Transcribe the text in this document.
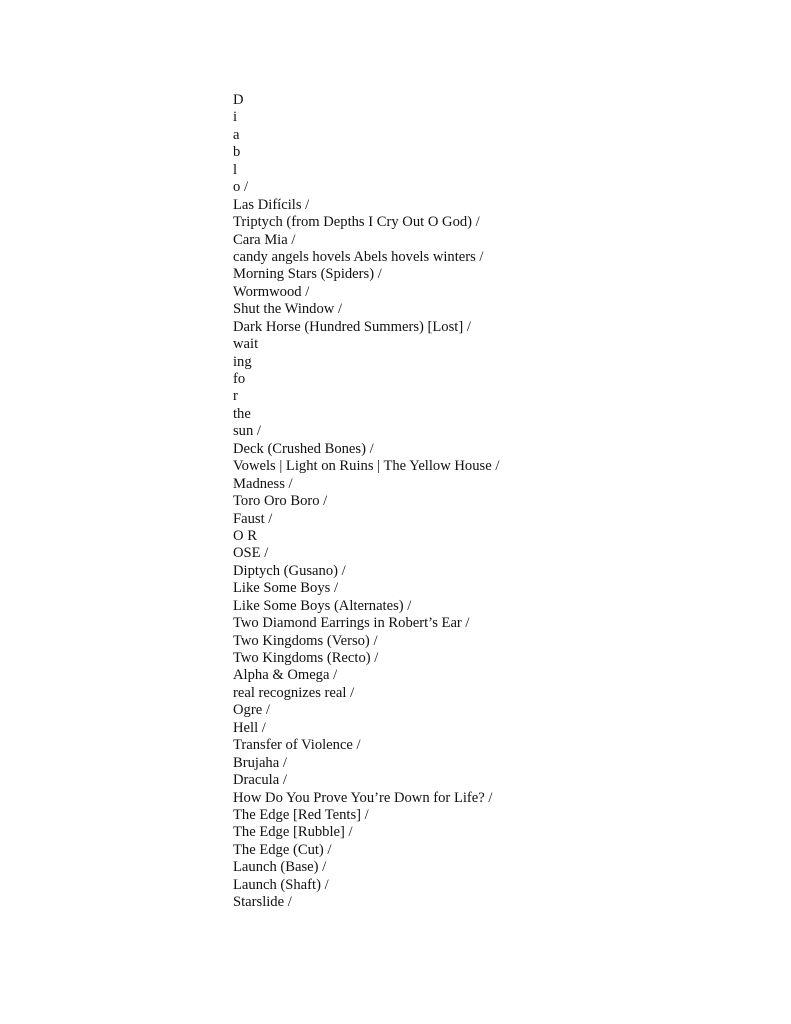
D
i
a
b
l
o /
Las Difícils /
Triptych (from Depths I Cry Out O God) /
Cara Mia /
candy angels hovels Abels hovels winters /
Morning Stars (Spiders) /
Wormwood /
Shut the Window /
Dark Horse (Hundred Summers) [Lost] /
wait
ing
fo
r
the
sun /
Deck (Crushed Bones) /
Vowels | Light on Ruins | The Yellow House /
Madness /
Toro Oro Boro /
Faust /
O R
OSE /
Diptych (Gusano) /
Like Some Boys /
Like Some Boys (Alternates) /
Two Diamond Earrings in Robert’s Ear /
Two Kingdoms (Verso) /
Two Kingdoms (Recto) /
Alpha & Omega /
real recognizes real /
Ogre /
Hell /
Transfer of Violence /
Brujaha /
Dracula /
How Do You Prove You’re Down for Life? /
The Edge [Red Tents] /
The Edge [Rubble] /
The Edge (Cut) /
Launch (Base) /
Launch (Shaft) /
Starslide /
